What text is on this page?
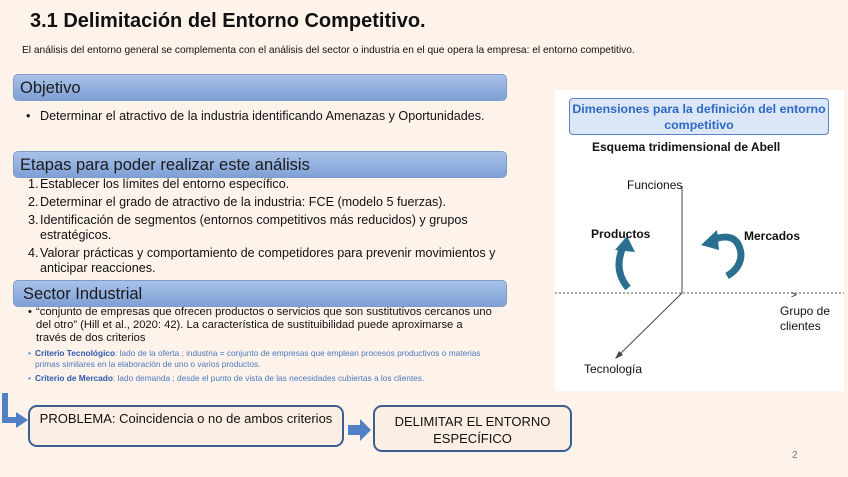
3.1 Delimitación del Entorno Competitivo.
El análisis del entorno general se complementa con el análisis del sector o industria en el que opera la empresa: el entorno competitivo.
Objetivo
• Determinar el atractivo de la industria identificando Amenazas y Oportunidades.
Etapas para poder realizar este análisis
1. Establecer los límites del entorno específico.
2. Determinar el grado de atractivo de la industria: FCE (modelo 5 fuerzas).
3. Identificación de segmentos (entornos competitivos más reducidos) y grupos estratégicos.
4. Valorar prácticas y comportamiento de competidores para prevenir movimientos y anticipar reacciones.
Sector Industrial
• “conjunto de empresas que ofrecen productos o servicios que son sustitutivos cercanos uno del otro” (Hill et al., 2020: 42). La característica de sustituibilidad puede aproximarse a través de dos criterios
• Criterio Tecnológico: lado de la oferta ; industria = conjunto de empresas que emplean procesos productivos o materias primas similares en la elaboración de uno o varios productos.
• Criterio de Mercado: lado demanda ; desde el punto de vista de las necesidades cubiertas a los clientes.
PROBLEMA: Coincidencia o no de ambos criterios	DELIMITAR EL ENTORNO ESPECÍFICO
Dimensiones para la definición del entorno competitivo
Esquema tridimensional de Abell
Funciones
Productos	Mercados
>
Grupo de clientes
Tecnología
2
